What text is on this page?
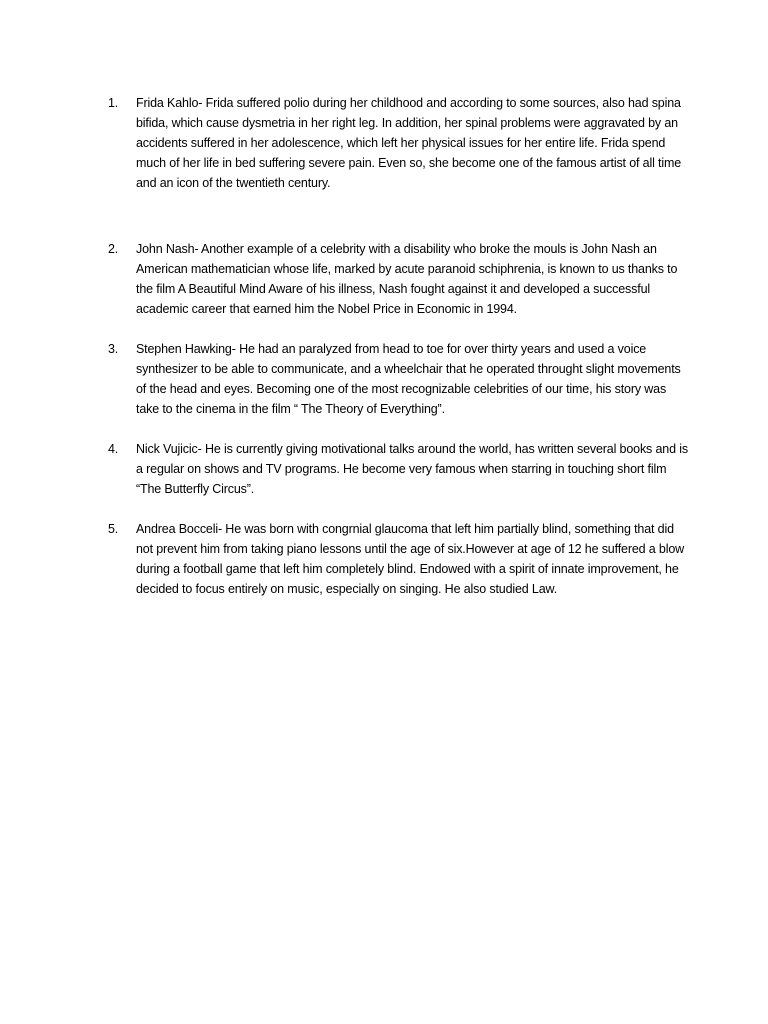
1.	Frida Kahlo- Frida suffered polio during her childhood and according to some sources, also had spina bifida, which cause dysmetria in her right leg. In addition, her spinal problems were aggravated by an accidents suffered in her adolescence, which left her physical issues for her entire life. Frida spend much of her life in bed suffering severe pain. Even so, she become one of the famous artist of all time and an icon of the twentieth century.

2.	John Nash- Another example of a celebrity with a disability who broke the mouls is John Nash an American mathematician whose life, marked by acute paranoid schiphrenia, is known to us thanks to the film A Beautiful Mind Aware of his illness, Nash fought against it and developed a successful academic career that earned him the Nobel Price in Economic in 1994.

3.	Stephen Hawking- He had an paralyzed from head to toe for over thirty years and used a voice synthesizer to be able to communicate, and a wheelchair that he operated throught slight movements of the head and eyes. Becoming one of the most recognizable celebrities of our time, his story was take to the cinema in the film “ The Theory of Everything”.

4.	Nick Vujicic- He is currently giving motivational talks around the world, has written several books and is a regular on shows and TV programs. He become very famous when starring in touching short film “The Butterfly Circus”.

5.	Andrea Bocceli- He was born with congrnial glaucoma that left him partially blind, something that did not prevent him from taking piano lessons until the age of six.However at age of 12 he suffered a blow during a football game that left him completely blind. Endowed with a spirit of innate improvement, he decided to focus entirely on music, especially on singing. He also studied Law.
